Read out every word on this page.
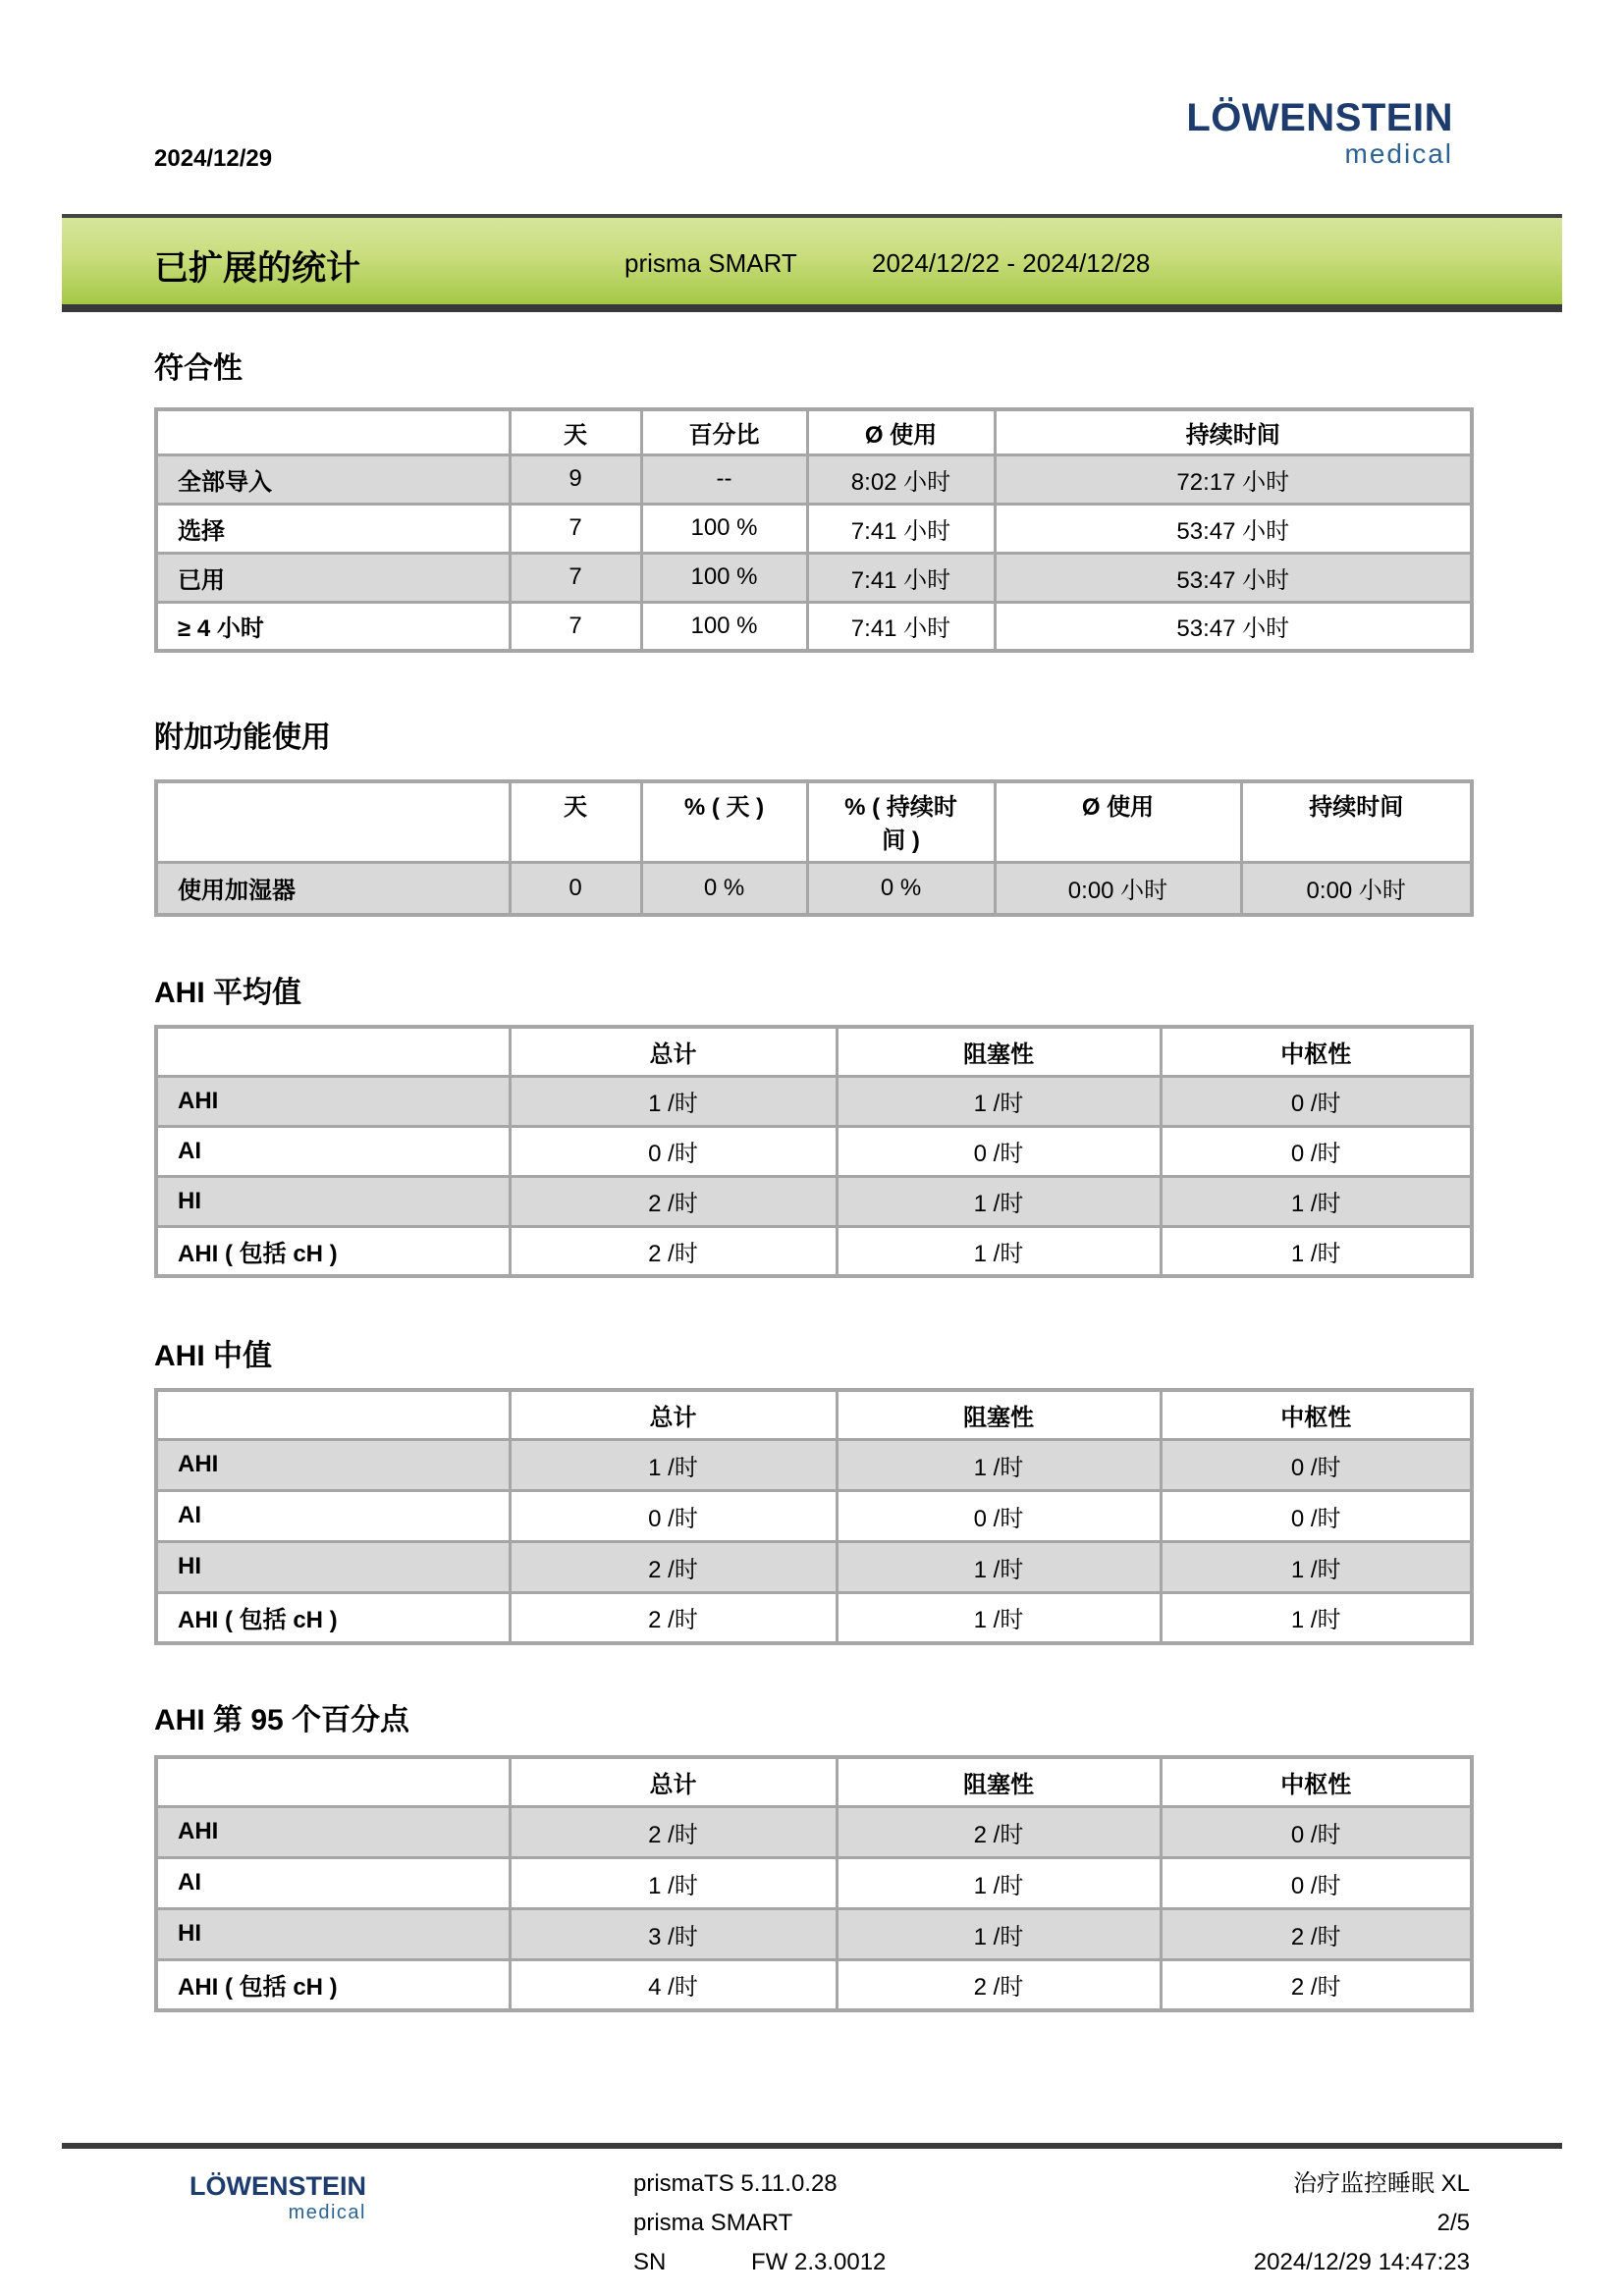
2024/12/29
LÖWENSTEIN
medical
已扩展的统计	prisma SMART	2024/12/22 - 2024/12/28
符合性
	天	百分比	Ø 使用	持续时间
全部导入	9	--	8:02 小时	72:17 小时
选择	7	100 %	7:41 小时	53:47 小时
已用	7	100 %	7:41 小时	53:47 小时
≥ 4 小时	7	100 %	7:41 小时	53:47 小时
附加功能使用
	天	% ( 天 )	% ( 持续时间 )	Ø 使用	持续时间
使用加湿器	0	0 %	0 %	0:00 小时	0:00 小时
AHI 平均值
	总计	阻塞性	中枢性
AHI	1 /时	1 /时	0 /时
AI	0 /时	0 /时	0 /时
HI	2 /时	1 /时	1 /时
AHI ( 包括 cH )	2 /时	1 /时	1 /时
AHI 中值
	总计	阻塞性	中枢性
AHI	1 /时	1 /时	0 /时
AI	0 /时	0 /时	0 /时
HI	2 /时	1 /时	1 /时
AHI ( 包括 cH )	2 /时	1 /时	1 /时
AHI 第 95 个百分点
	总计	阻塞性	中枢性
AHI	2 /时	2 /时	0 /时
AI	1 /时	1 /时	0 /时
HI	3 /时	1 /时	2 /时
AHI ( 包括 cH )	4 /时	2 /时	2 /时
LÖWENSTEIN
medical
prismaTS 5.11.0.28
prisma SMART
SN	FW 2.3.0012
治疗监控睡眠 XL
2/5
2024/12/29 14:47:23
